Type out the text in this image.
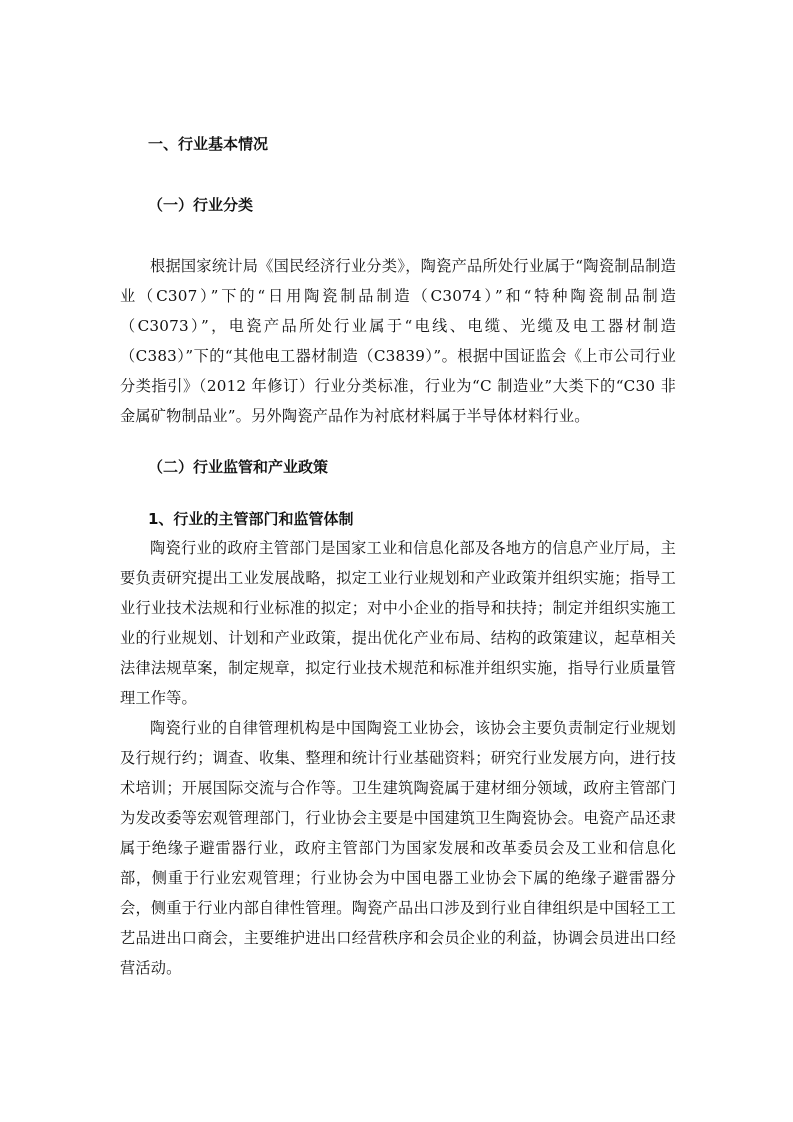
一、行业基本情况
（一）行业分类

根据国家统计局《国民经济行业分类》，陶瓷产品所处行业属于“陶瓷制品制造业（C307）”下的“日用陶瓷制品制造（C3074）”和“特种陶瓷制品制造（C3073）”，电瓷产品所处行业属于“电线、电缆、光缆及电工器材制造（C383）”下的“其他电工器材制造（C3839）”。根据中国证监会《上市公司行业分类指引》（2012 年修订）行业分类标准，行业为“C 制造业”大类下的“C30 非金属矿物制品业”。另外陶瓷产品作为衬底材料属于半导体材料行业。

（二）行业监管和产业政策
1、行业的主管部门和监管体制

陶瓷行业的政府主管部门是国家工业和信息化部及各地方的信息产业厅局，主要负责研究提出工业发展战略，拟定工业行业规划和产业政策并组织实施；指导工业行业技术法规和行业标准的拟定；对中小企业的指导和扶持；制定并组织实施工业的行业规划、计划和产业政策，提出优化产业布局、结构的政策建议，起草相关法律法规草案，制定规章，拟定行业技术规范和标准并组织实施，指导行业质量管理工作等。

陶瓷行业的自律管理机构是中国陶瓷工业协会，该协会主要负责制定行业规划及行规行约；调查、收集、整理和统计行业基础资料；研究行业发展方向，进行技术培训；开展国际交流与合作等。卫生建筑陶瓷属于建材细分领域，政府主管部门为发改委等宏观管理部门，行业协会主要是中国建筑卫生陶瓷协会。电瓷产品还隶属于绝缘子避雷器行业，政府主管部门为国家发展和改革委员会及工业和信息化部，侧重于行业宏观管理；行业协会为中国电器工业协会下属的绝缘子避雷器分会，侧重于行业内部自律性管理。陶瓷产品出口涉及到行业自律组织是中国轻工工艺品进出口商会，主要维护进出口经营秩序和会员企业的利益，协调会员进出口经营活动。
